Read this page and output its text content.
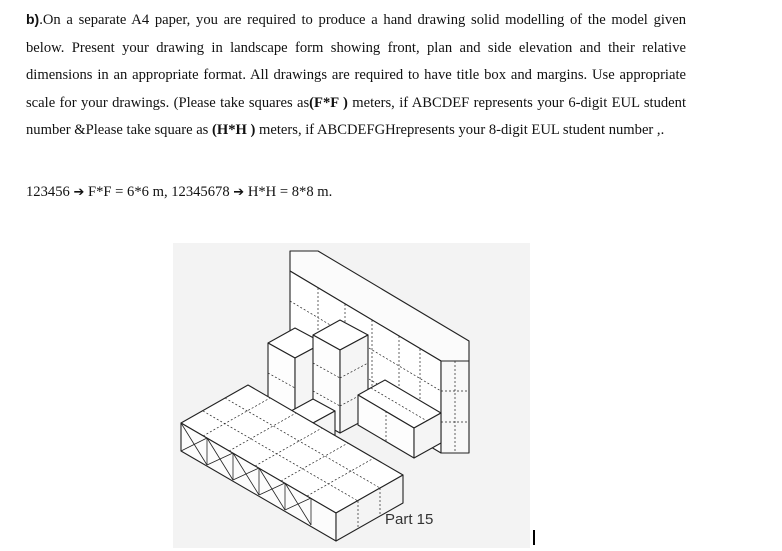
b).On a separate A4 paper, you are required to produce a hand drawing solid modelling of the model given below. Present your drawing in landscape form showing front, plan and side elevation and their relative dimensions in an appropriate format. All drawings are required to have title box and margins. Use appropriate scale for your drawings. (Please take squares as(F*F ) meters, if ABCDEF represents your 6-digit EUL student number &Please take square as (H*H ) meters, if ABCDEFGHrepresents your 8-digit EUL student number ,.
123456 ➔ F*F = 6*6 m, 12345678 ➔ H*H = 8*8 m.
Part 15
